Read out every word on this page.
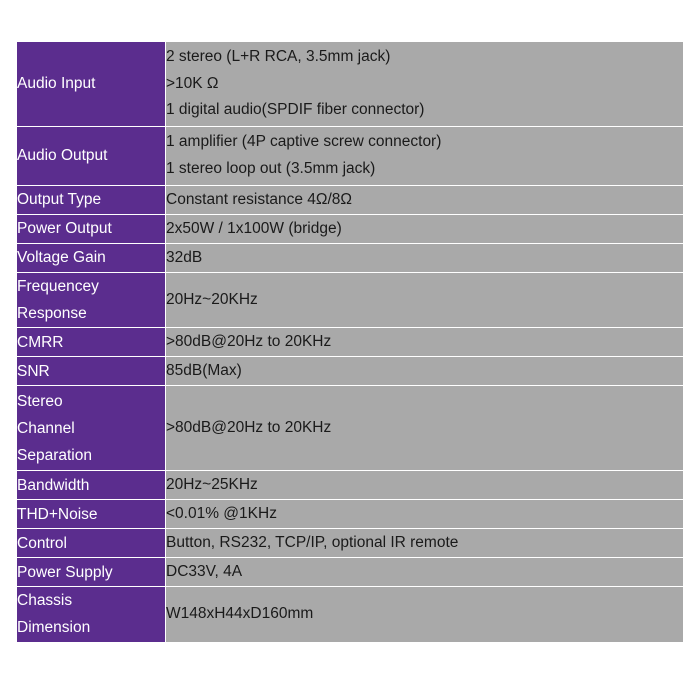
Audio Input	2 stereo (L+R RCA, 3.5mm jack)
>10K Ω
1 digital audio(SPDIF fiber connector)

Audio Output	1 amplifier (4P captive screw connector)
1 stereo loop out (3.5mm jack)

Output Type	Constant resistance 4Ω/8Ω

Power Output	2x50W / 1x100W (bridge)

Voltage Gain	32dB

Frequencey
Response	20Hz~20KHz

CMRR	>80dB@20Hz to 20KHz

SNR	85dB(Max)

Stereo
Channel
Separation	>80dB@20Hz to 20KHz

Bandwidth	20Hz~25KHz

THD+Noise	<0.01% @1KHz

Control	Button, RS232, TCP/IP, optional IR remote

Power Supply	DC33V, 4A

Chassis
Dimension	W148xH44xD160mm
